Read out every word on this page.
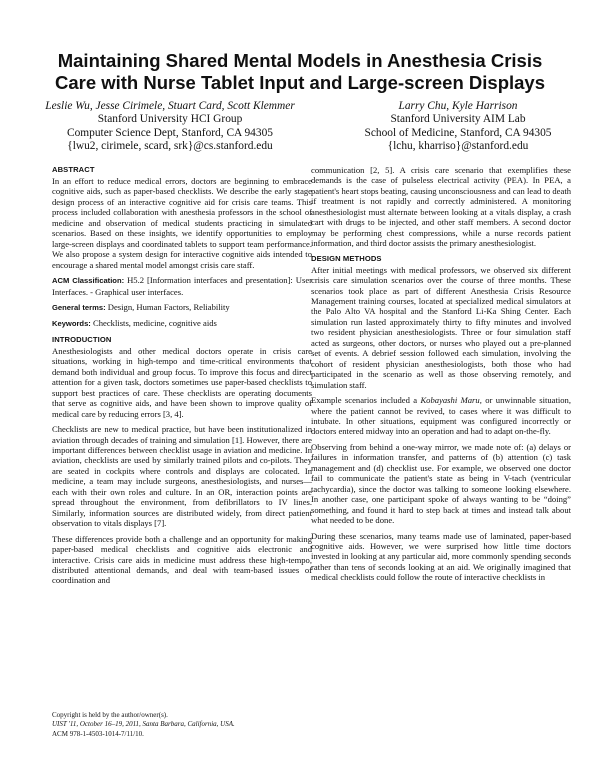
Maintaining Shared Mental Models in Anesthesia Crisis
Care with Nurse Tablet Input and Large-screen Displays
Leslie Wu, Jesse Cirimele, Stuart Card, Scott Klemmer
Stanford University HCI Group
Computer Science Dept, Stanford, CA 94305
{lwu2, cirimele, scard, srk}@cs.stanford.edu
Larry Chu, Kyle Harrison
Stanford University AIM Lab
School of Medicine, Stanford, CA 94305
{lchu, kharriso}@stanford.edu
ABSTRACT

In an effort to reduce medical errors, doctors are beginning to embrace cognitive aids, such as paper-based checklists. We describe the early stage design process of an interactive cognitive aid for crisis care teams. This process included collaboration with anesthesia professors in the school of medicine and observation of medical students practicing in simulated scenarios. Based on these insights, we identify opportunities to employ large-screen displays and coordinated tablets to support team performance. We also propose a system design for interactive cognitive aids intended to encourage a shared mental model amongst crisis care staff.

ACM Classification: H5.2 [Information interfaces and presentation]: User Interfaces. - Graphical user interfaces.

General terms: Design, Human Factors, Reliability

Keywords: Checklists, medicine, cognitive aids

INTRODUCTION

Anesthesiologists and other medical doctors operate in crisis care situations, working in high-tempo and time-critical environments that demand both individual and group focus. To improve this focus and direct attention for a given task, doctors sometimes use paper-based checklists to support best practices of care. These checklists are operating documents that serve as cognitive aids, and have been shown to improve quality of medical care by reducing errors [3, 4].

Checklists are new to medical practice, but have been institutionalized in aviation through decades of training and simulation [1]. However, there are important differences between checklist usage in aviation and medicine. In aviation, checklists are used by similarly trained pilots and co-pilots. They are seated in cockpits where controls and displays are colocated. In medicine, a team may include surgeons, anesthesiologists, and nurses—each with their own roles and culture. In an OR, interaction points are spread throughout the environment, from defibrillators to IV lines. Similarly, information sources are distributed widely, from direct patient observation to vitals displays [7].

These differences provide both a challenge and an opportunity for making paper-based medical checklists and cognitive aids electronic and interactive. Crisis care aids in medicine must address these high-tempo, distributed attentional demands, and deal with team-based issues of coordination and

Copyright is held by the author/owner(s).
UIST '11, October 16–19, 2011, Santa Barbara, California, USA.
ACM 978-1-4503-1014-7/11/10.

communication [2, 5]. A crisis care scenario that exemplifies these demands is the case of pulseless electrical activity (PEA). In PEA, a patient's heart stops beating, causing unconsciousness and can lead to death if treatment is not rapidly and correctly administered. A monitoring anesthesiologist must alternate between looking at a vitals display, a crash cart with drugs to be injected, and other staff members. A second doctor may be performing chest compressions, while a nurse records patient information, and third doctor assists the primary anesthesiologist.

DESIGN METHODS

After initial meetings with medical professors, we observed six different crisis care simulation scenarios over the course of three months. These scenarios took place as part of different Anesthesia Crisis Resource Management training courses, located at specialized medical simulators at the Palo Alto VA hospital and the Stanford Li-Ka Shing Center. Each simulation run lasted approximately thirty to fifty minutes and involved two resident physician anesthesiologists. Three or four simulation staff acted as surgeons, other doctors, or nurses who played out a pre-planned set of events. A debrief session followed each simulation, involving the cohort of resident physician anesthesiologists, both those who had participated in the scenario as well as those observing remotely, and simulation staff.

Example scenarios included a Kobayashi Maru, or unwinnable situation, where the patient cannot be revived, to cases where it was difficult to intubate. In other situations, equipment was configured incorrectly or doctors entered midway into an operation and had to adapt on-the-fly.

Observing from behind a one-way mirror, we made note of: (a) delays or failures in information transfer, and patterns of (b) attention (c) task management and (d) checklist use. For example, we observed one doctor fail to communicate the patient's state as being in V-tach (ventricular tachycardia), since the doctor was talking to someone looking elsewhere. In another case, one participant spoke of always wanting to be “doing” something, and found it hard to step back at times and instead talk about what needed to be done.

During these scenarios, many teams made use of laminated, paper-based cognitive aids. However, we were surprised how little time doctors invested in looking at any particular aid, more commonly spending seconds rather than tens of seconds looking at an aid. We originally imagined that medical checklists could follow the route of interactive checklists in
